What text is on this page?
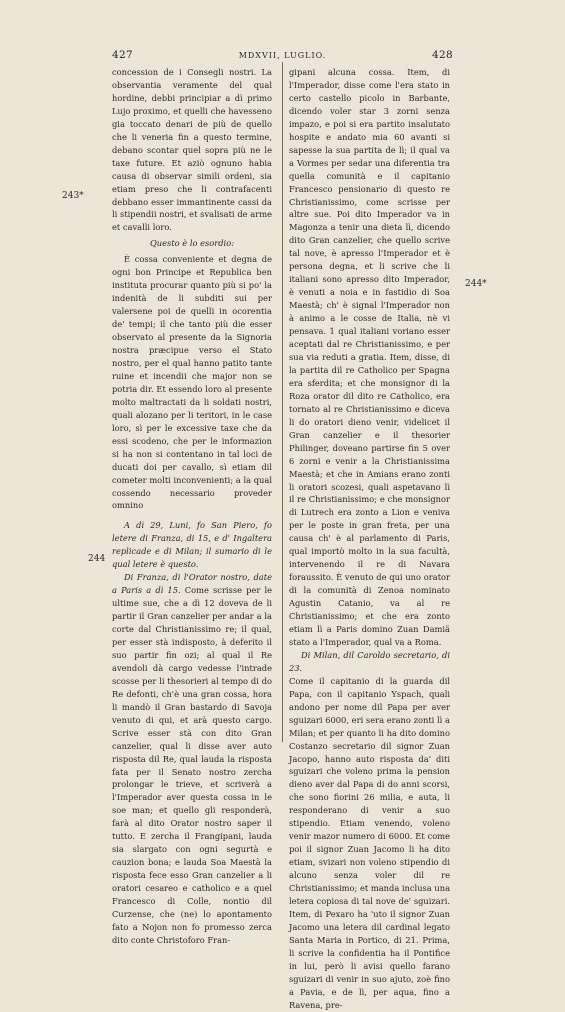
427	MDXVII, LUGLIO.	428
243*
244
244*

concession de i Consegli nostri. La observantia veramente del qual hordine, debbi principiar a dì primo Lujo proximo, et quelli che havesseno gia toccato denari de più de quello che li veneria fin a questo termine, debano scontar quel sopra più ne le taxe future. Et aziò ognuno habia causa di observar simili ordeni, sia etiam preso che li contrafacenti debbano esser immantinente cassi da li stipendii nostri, et svalisati de arme et cavalli loro.

Questo è lo esordio:

È cossa conveniente et degna de ogni bon Principe et Republica ben instituta procurar quanto più si po' la indenità de li subditi sui per valersene poi de quelli in ocorentia de' tempi; il che tanto più die esser observato al presente da la Signoria nostra præcipue verso el Stato nostro, per el qual hanno patito tante ruine et incendii che major non se potria dir. Et essendo loro al presente molto maltractati da li soldati nostri, quali alozano per li teritori, in le case loro, sì per le excessive taxe che da essi scodeno, che per le informazion si ha non si contentano in tal loci de ducati doi per cavallo, sì etiam dil cometer molti inconvenienti; a la qual cossendo necessario proveder omnino

A dì 29, Luni, fo San Piero, fo letere di Franza, di 15, e d' Ingaltera replicade e di Milan; il sumario di le qual letere è questo.

Di Franza, di l'Orator nostro, date a Paris a dì 15. Come scrisse per le ultime sue, che a dì 12 doveva de li partir il Gran canzelier per andar a la corte dal Christianissimo re; il qual, per esser stà indisposto, à deferito il suo partir fin ozi; al qual il Re avendoli dà cargo vedesse l'intrade scosse per li thesorieri al tempo di do Re defonti, ch'è una gran cossa, hora li mandò il Gran bastardo di Savoja venuto di qui, et arà questo cargo. Scrive esser stà con dito Gran canzelier, qual li disse aver auto risposta dil Re, qual lauda la risposta fata per il Senato nostro zercha prolongar le trieve, et scriverà a l'Imperador aver questa cossa in le soe man; et quello gli responderà, farà al dito Orator nostro saper il tutto. E zercha il Frangipani, lauda sia slargato con ogni segurtà e cauzion bona; e lauda Soa Maestà la risposta fece esso Gran canzelier a li oratori cesareo e catholico e a quel Francesco di Colle, nontio dil Curzense, che (ne) lo apontamento fato a Nojon non fo promesso zerca dito conte Christoforo Fran-

gipani alcuna cossa. Item, di l'Imperador, disse come l'era stato in certo castello picolo in Barbante, dicendo voler star 3 zorni senza impazo, e poi si era partito insalutato hospite e andato mia 60 avanti si sapesse la sua partita de lì; il qual va a Vormes per sedar una diferentia tra quella comunità e il capitanio Francesco pensionario di questo re Christianissimo, come scrisse per altre sue. Poi dito Imperador va in Magonza a tenir una dieta lì, dicendo dito Gran canzelier, che quello scrive tal nove, è apresso l'Imperador et è persona degna, et li scrive che li italiani sono apresso dito Imperador, è venuti a noia e in fastidio di Soa Maestà; ch' è signal l'Imperador non à animo a le cosse de Italia, nè vi pensava. 1 qual italiani voriano esser aceptati dal re Christianissimo, e per sua via reduti a gratia. Item, disse, di la partita dil re Catholico per Spagna era sferdita; et che monsignor di la Roza orator dil dito re Catholico, era tornato al re Christianissimo e diceva li do oratori dieno venir, videlicet il Gran canzelier e il thesorier Philinger, doveano partirse fin 5 over 6 zorni e venir a la Christianissima Maestà; et che in Amians erano zonti li oratori scozesi, quali aspetavano lì il re Christianissimo; e che monsignor di Lutrech era zonto a Lion e veniva per le poste in gran freta, per una causa ch' è al parlamento di Paris, qual importò molto in la sua facultà, intervenendo il re di Navara foraussito. È venuto de qui uno orator di la comunità di Zenoa nominato Agustin Catanio, va al re Christianissimo; et che era zonto etiam lì a Paris domino Zuan Damiä stato a l'Imperador, qual va a Roma.

Di Milan, dil Caroldo secretario, di 23.

Come il capitanio di la guarda dil Papa, con il capitanio Yspach, quali andono per nome dil Papa per aver sguizari 6000, eri sera erano zonti lì a Milan; et per quanto li ha dito domino Costanzo secretario dil signor Zuan Jacopo, hanno auto risposta da' diti sguizari che voleno prima la pension dieno aver dal Papa di do anni scorsi, che sono fiorini 26 milia, e auta, li responderano di venir a suo stipendio. Etiam venendo, voleno venir mazor numero di 6000. Et come poi il signor Zuan Jacomo li ha dito etiam, svizari non voleno stipendio di alcuno senza voler dil re Christianissimo; et manda inclusa una letera copiosa di tal nove de' sguizari. Item, di Pexaro ha 'uto il signor Zuan Jacomo una letera dil cardinal legato Santa Maria in Portico, di 21. Prima, li scrive la confidentia ha il Pontifice in lui, però li avisi quello farano sguizari di venir in suo ajuto, zoè fino a Pavia, e de lì, per aqua, fino a Ravena, pre-
